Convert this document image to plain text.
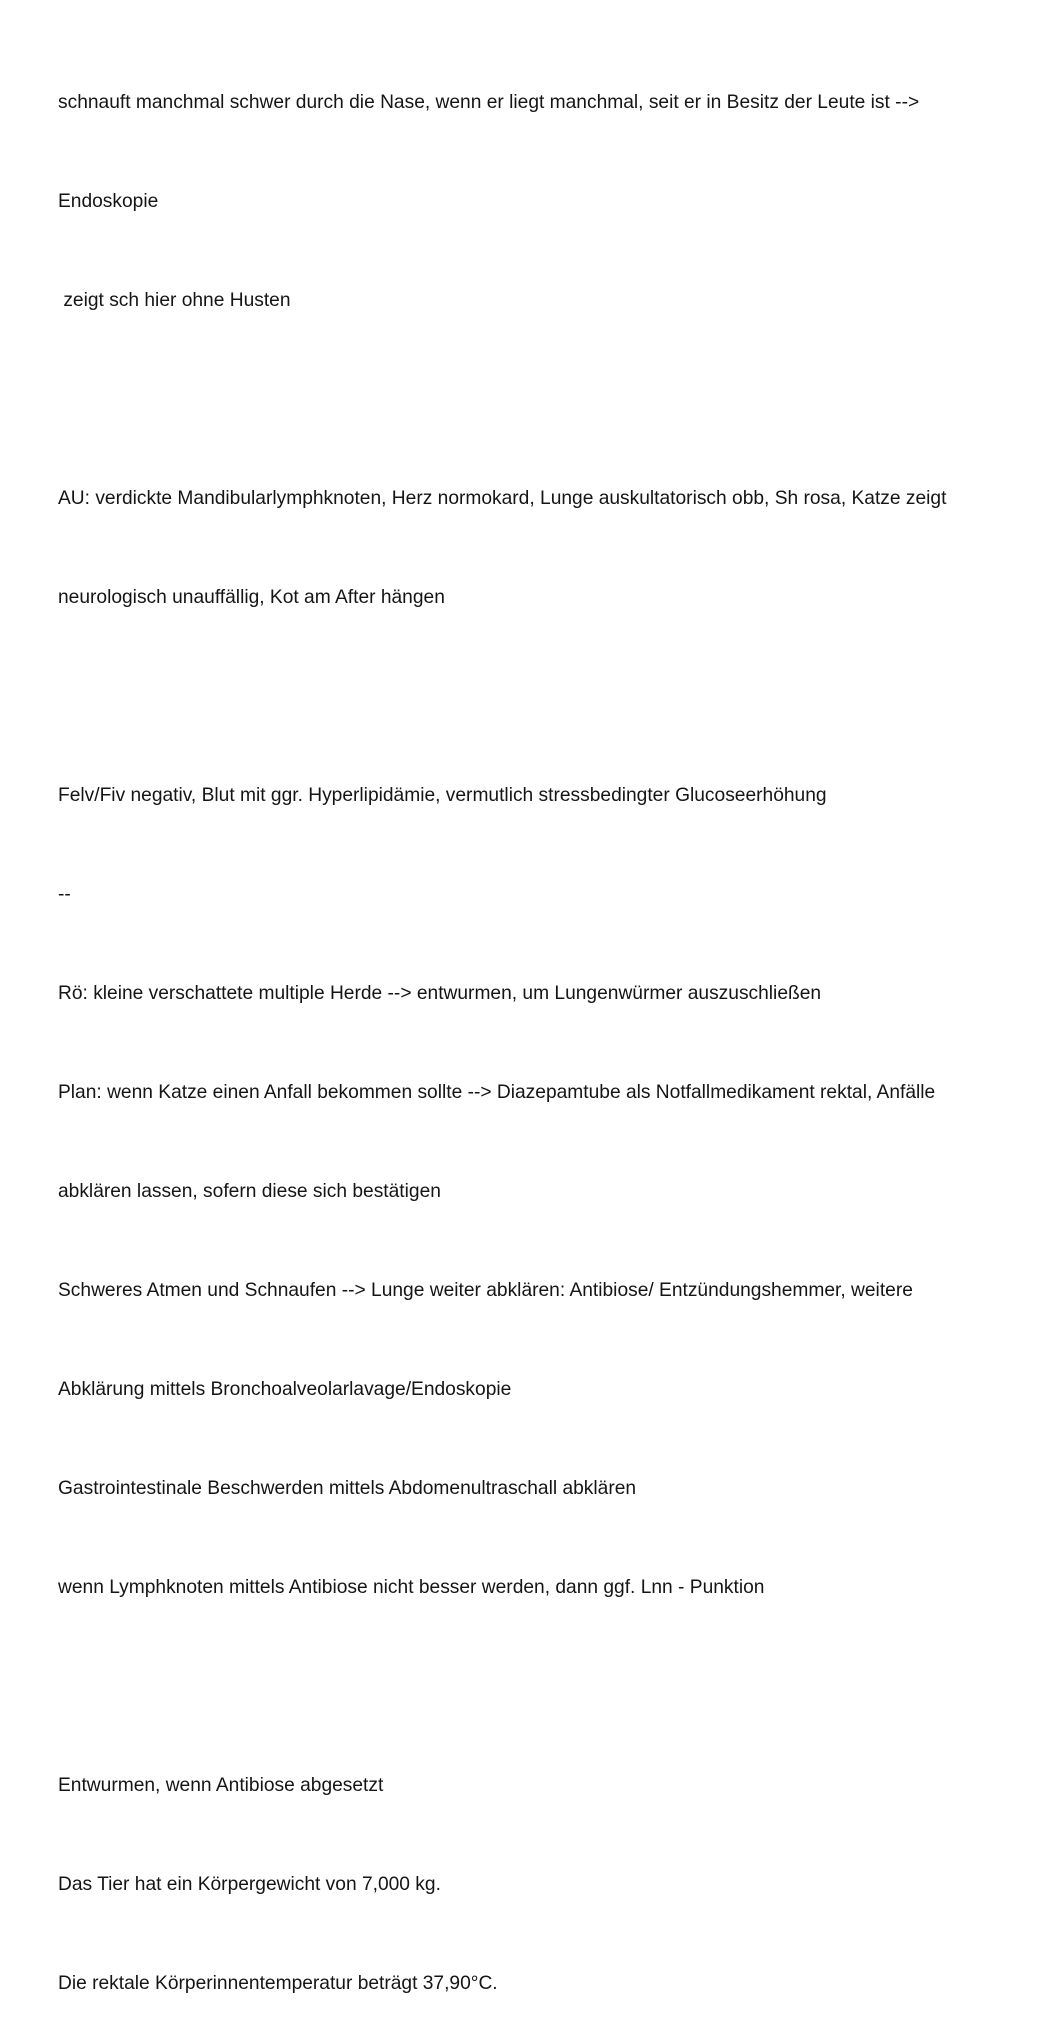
schnauft manchmal schwer durch die Nase, wenn er liegt manchmal, seit er in Besitz der Leute ist -->

Endoskopie

zeigt sch hier ohne Husten

AU: verdickte Mandibularlymphknoten, Herz normokard, Lunge auskultatorisch obb, Sh rosa, Katze zeigt

neurologisch unauffällig, Kot am After hängen

Felv/Fiv negativ, Blut mit ggr. Hyperlipidämie, vermutlich stressbedingter Glucoseerhöhung

--

Rö: kleine verschattete multiple Herde --> entwurmen, um Lungenwürmer auszuschließen

Plan: wenn Katze einen Anfall bekommen sollte --> Diazepamtube als Notfallmedikament rektal, Anfälle

abklären lassen, sofern diese sich bestätigen

Schweres Atmen und Schnaufen --> Lunge weiter abklären: Antibiose/ Entzündungshemmer, weitere

Abklärung mittels Bronchoalveolarlavage/Endoskopie

Gastrointestinale Beschwerden mittels Abdomenultraschall abklären

wenn Lymphknoten mittels Antibiose nicht besser werden, dann ggf. Lnn - Punktion

Entwurmen, wenn Antibiose abgesetzt

Das Tier hat ein Körpergewicht von 7,000 kg.

Die rektale Körperinnentemperatur beträgt 37,90°C.
